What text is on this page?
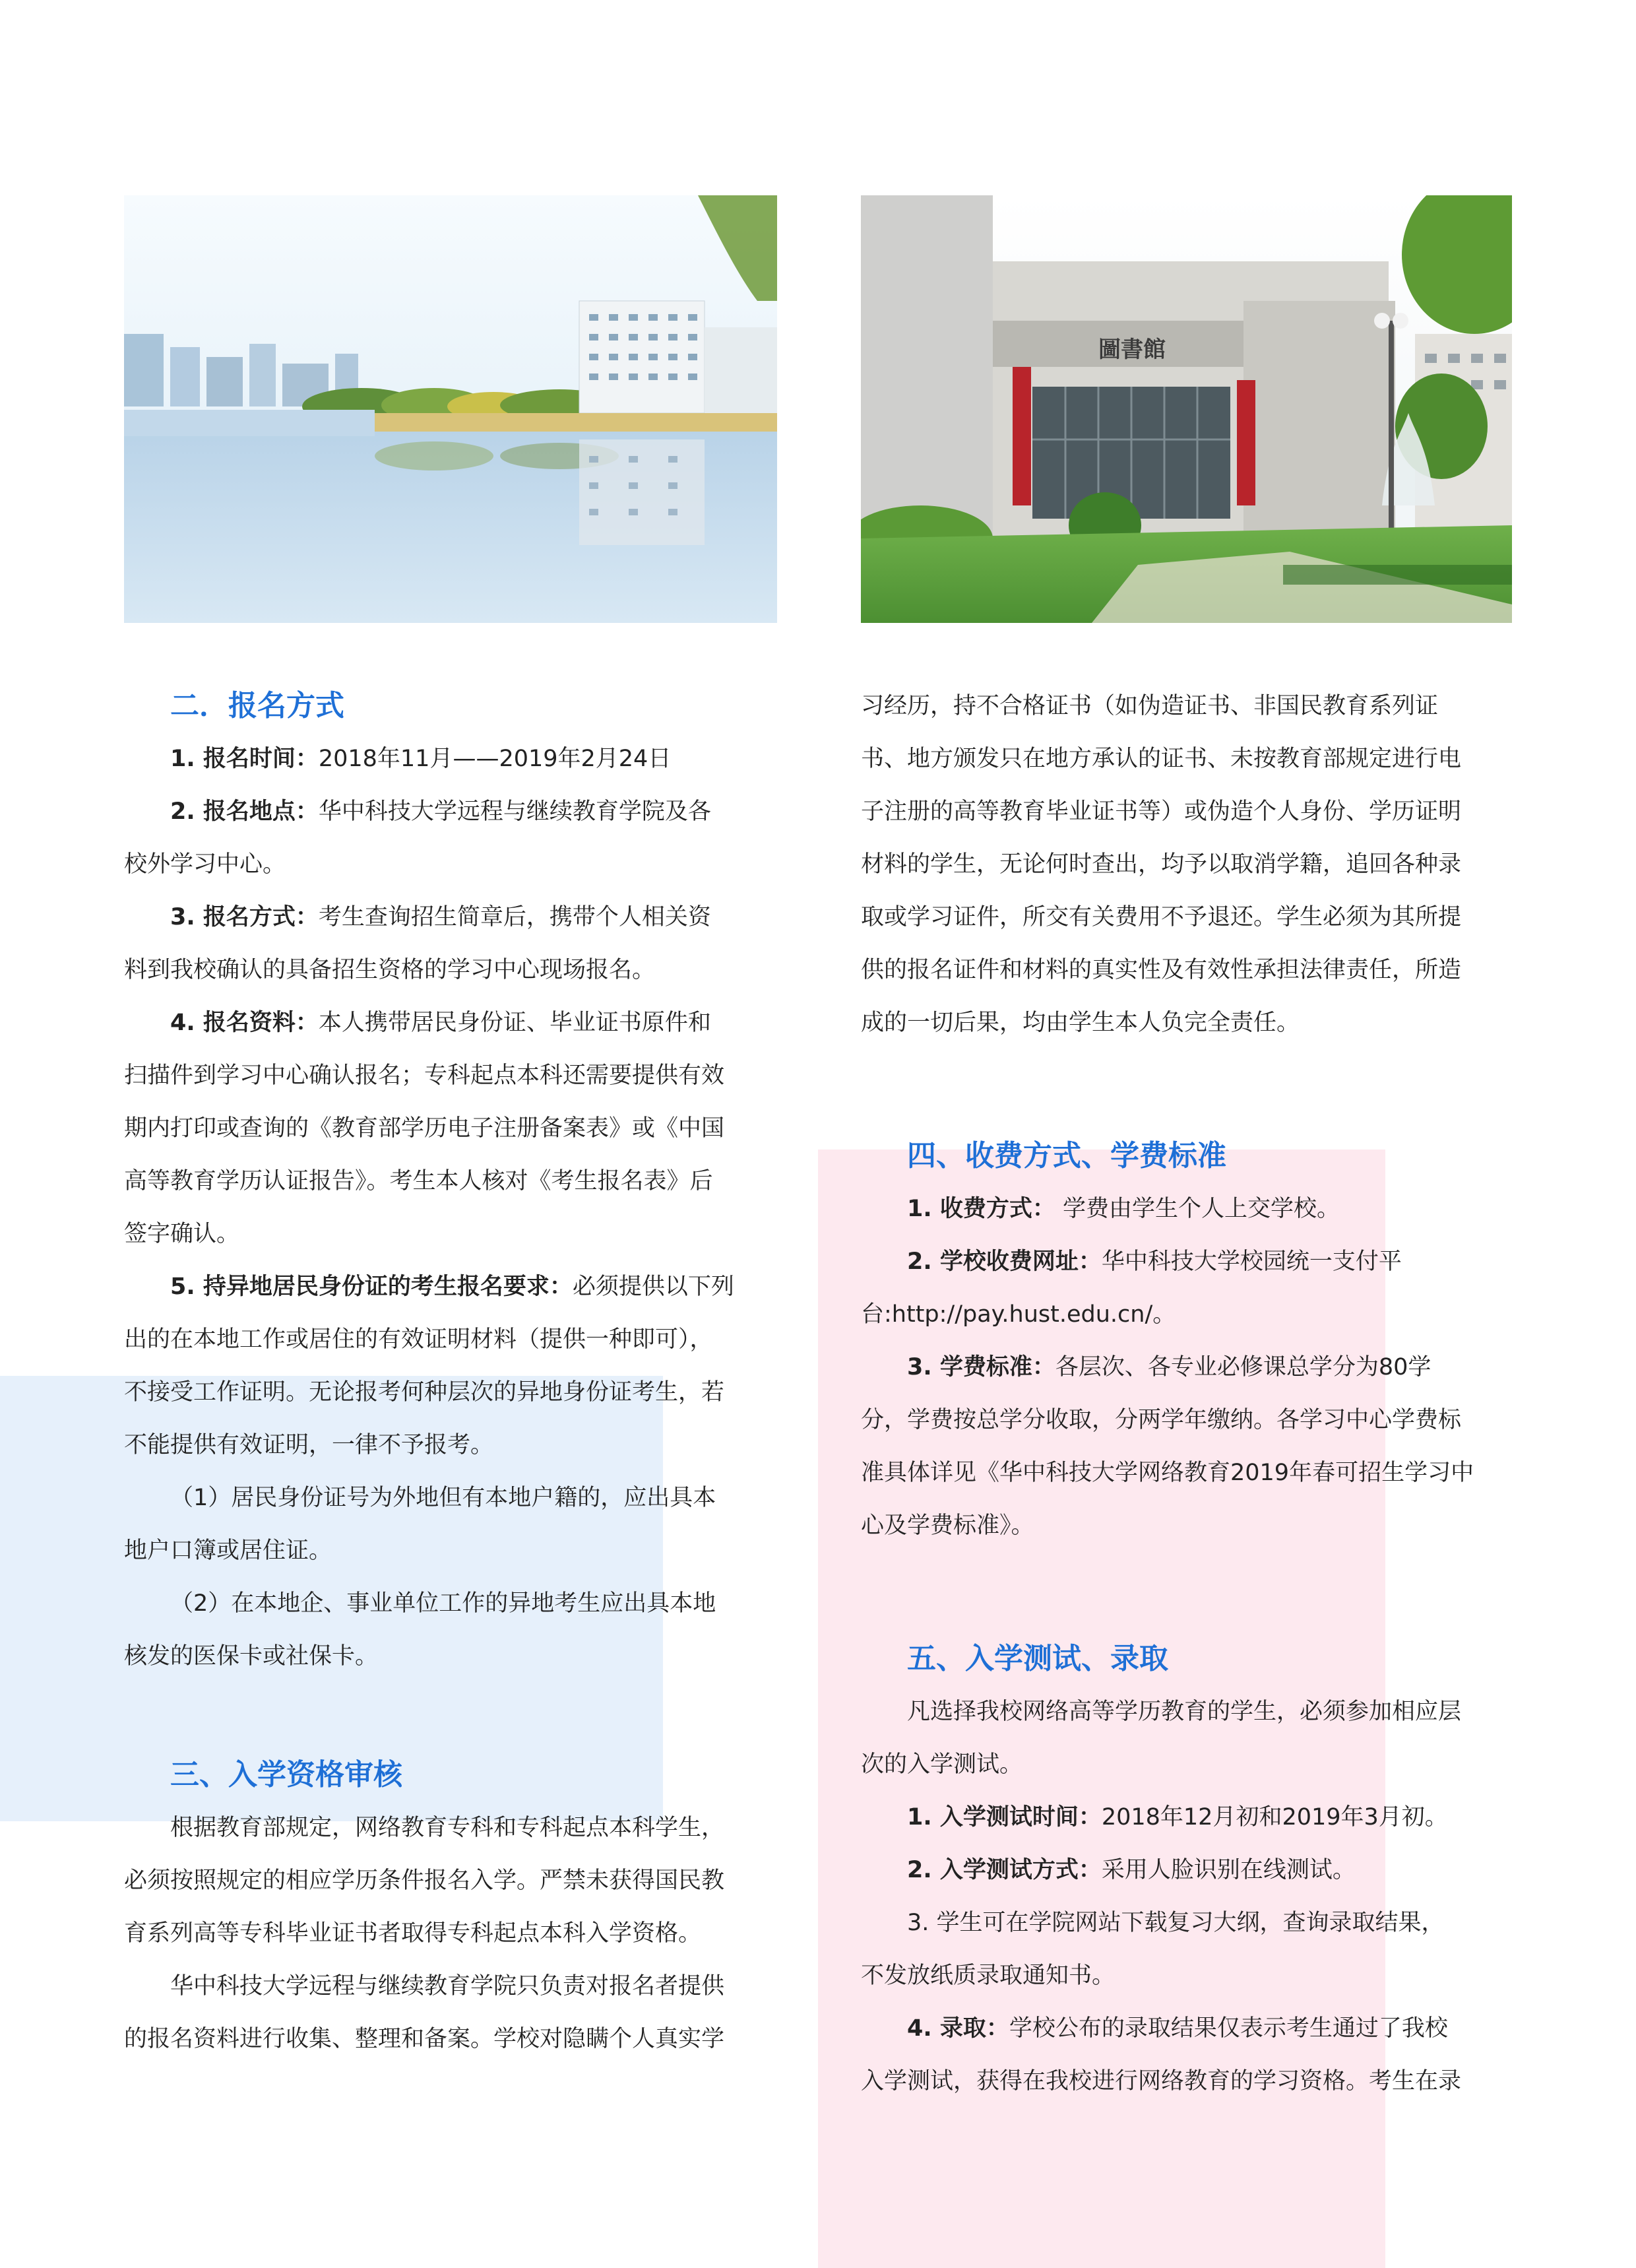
圖書館
二．报名方式

1. 报名时间：2018年11月——2019年2月24日

2. 报名地点：华中科技大学远程与继续教育学院及各

校外学习中心。

3. 报名方式：考生查询招生简章后，携带个人相关资

料到我校确认的具备招生资格的学习中心现场报名。

4. 报名资料：本人携带居民身份证、毕业证书原件和

扫描件到学习中心确认报名；专科起点本科还需要提供有效

期内打印或查询的《教育部学历电子注册备案表》或《中国

高等教育学历认证报告》。考生本人核对《考生报名表》后

签字确认。

5. 持异地居民身份证的考生报名要求：必须提供以下列

出的在本地工作或居住的有效证明材料（提供一种即可），

不接受工作证明。无论报考何种层次的异地身份证考生，若

不能提供有效证明，一律不予报考。

（1）居民身份证号为外地但有本地户籍的，应出具本

地户口簿或居住证。

（2）在本地企、事业单位工作的异地考生应出具本地

核发的医保卡或社保卡。

三、入学资格审核

根据教育部规定，网络教育专科和专科起点本科学生，

必须按照规定的相应学历条件报名入学。严禁未获得国民教

育系列高等专科毕业证书者取得专科起点本科入学资格。

华中科技大学远程与继续教育学院只负责对报名者提供

的报名资料进行收集、整理和备案。学校对隐瞒个人真实学

习经历，持不合格证书（如伪造证书、非国民教育系列证

书、地方颁发只在地方承认的证书、未按教育部规定进行电

子注册的高等教育毕业证书等）或伪造个人身份、学历证明

材料的学生，无论何时查出，均予以取消学籍，追回各种录

取或学习证件，所交有关费用不予退还。学生必须为其所提

供的报名证件和材料的真实性及有效性承担法律责任，所造

成的一切后果，均由学生本人负完全责任。

四、收费方式、学费标准

1. 收费方式： 学费由学生个人上交学校。

2. 学校收费网址：华中科技大学校园统一支付平

台:http://pay.hust.edu.cn/。

3. 学费标准：各层次、各专业必修课总学分为80学

分，学费按总学分收取，分两学年缴纳。各学习中心学费标

准具体详见《华中科技大学网络教育2019年春可招生学习中

心及学费标准》。

五、入学测试、录取

凡选择我校网络高等学历教育的学生，必须参加相应层

次的入学测试。

1. 入学测试时间：2018年12月初和2019年3月初。

2. 入学测试方式：采用人脸识别在线测试。

3. 学生可在学院网站下载复习大纲，查询录取结果，

不发放纸质录取通知书。

4. 录取：学校公布的录取结果仅表示考生通过了我校

入学测试，获得在我校进行网络教育的学习资格。考生在录
